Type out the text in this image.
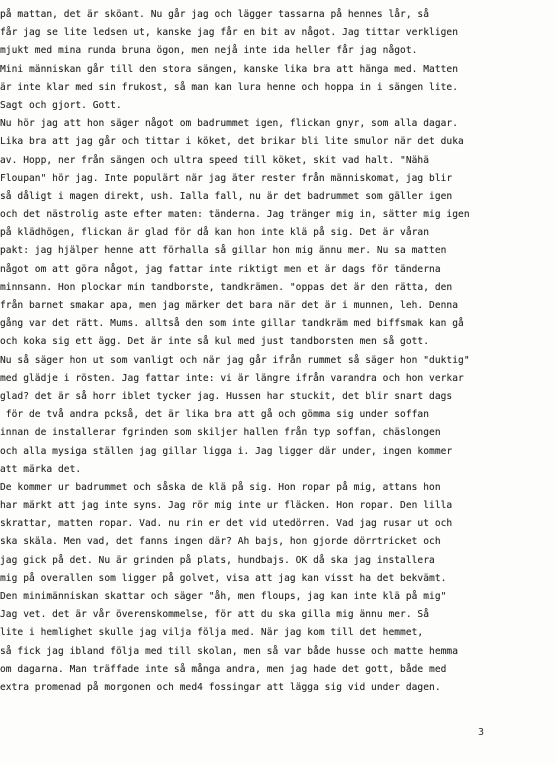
på mattan, det är sköant. Nu går jag och lägger tassarna på hennes lår, så
får jag se lite ledsen ut, kanske jag får en bit av något. Jag tittar verkligen
mjukt med mina runda bruna ögon, men nejå inte ida heller får jag något.
Mini människan går till den stora sängen, kanske lika bra att hänga med. Matten
är inte klar med sin frukost, så man kan lura henne och hoppa in i sängen lite.
Sagt och gjort. Gott.
Nu hör jag att hon säger något om badrummet igen, flickan gnyr, som alla dagar.
Lika bra att jag går och tittar i köket, det brikar bli lite smulor när det duka
av. Hopp, ner från sängen och ultra speed till köket, skit vad halt. "Nähä
Floupan" hör jag. Inte populärt när jag äter rester från människomat, jag blir
så dåligt i magen direkt, ush. Ialla fall, nu är det badrummet som gäller igen
och det nästrolig aste efter maten: tänderna. Jag tränger mig in, sätter mig igen
på klädhögen, flickan är glad för då kan hon inte klä på sig. Det är våran
pakt: jag hjälper henne att förhalla så gillar hon mig ännu mer. Nu sa matten
något om att göra något, jag fattar inte riktigt men et är dags för tänderna
minnsann. Hon plockar min tandborste, tandkrämen. "oppas det är den rätta, den
från barnet smakar apa, men jag märker det bara när det är i munnen, leh. Denna
gång var det rätt. Mums. alltså den som inte gillar tandkräm med biffsmak kan gå
och koka sig ett ägg. Det är inte så kul med just tandborsten men så gott.
Nu så säger hon ut som vanligt och när jag går ifrån rummet så säger hon "duktig"
med glädje i rösten. Jag fattar inte: vi är längre ifrån varandra och hon verkar
glad? det är så horr iblet tycker jag. Hussen har stuckit, det blir snart dags
för de två andra pckså, det är lika bra att gå och gömma sig under soffan
innan de installerar fgrinden som skiljer hallen från typ soffan, chäslongen
och alla mysiga ställen jag gillar ligga i. Jag ligger där under, ingen kommer
att märka det.
De kommer ur badrummet och såska de klä på sig. Hon ropar på mig, attans hon
har märkt att jag inte syns. Jag rör mig inte ur fläcken. Hon ropar. Den lilla
skrattar, matten ropar. Vad. nu rin er det vid utedörren. Vad jag rusar ut och
ska skäla. Men vad, det fanns ingen där? Ah bajs, hon gjorde dörrtricket och
jag gick på det. Nu är grinden på plats, hundbajs. OK då ska jag installera
mig på overallen som ligger på golvet, visa att jag kan visst ha det bekvämt.
Den minimänniskan skattar och säger "åh, men floups, jag kan inte klä på mig"
Jag vet. det är vår överenskommelse, för att du ska gilla mig ännu mer. Så
lite i hemlighet skulle jag vilja följa med. När jag kom till det hemmet,
så fick jag ibland följa med till skolan, men så var både husse och matte hemma
om dagarna. Man träffade inte så många andra, men jag hade det gott, både med
extra promenad på morgonen och med4 fossingar att lägga sig vid under dagen.
3
